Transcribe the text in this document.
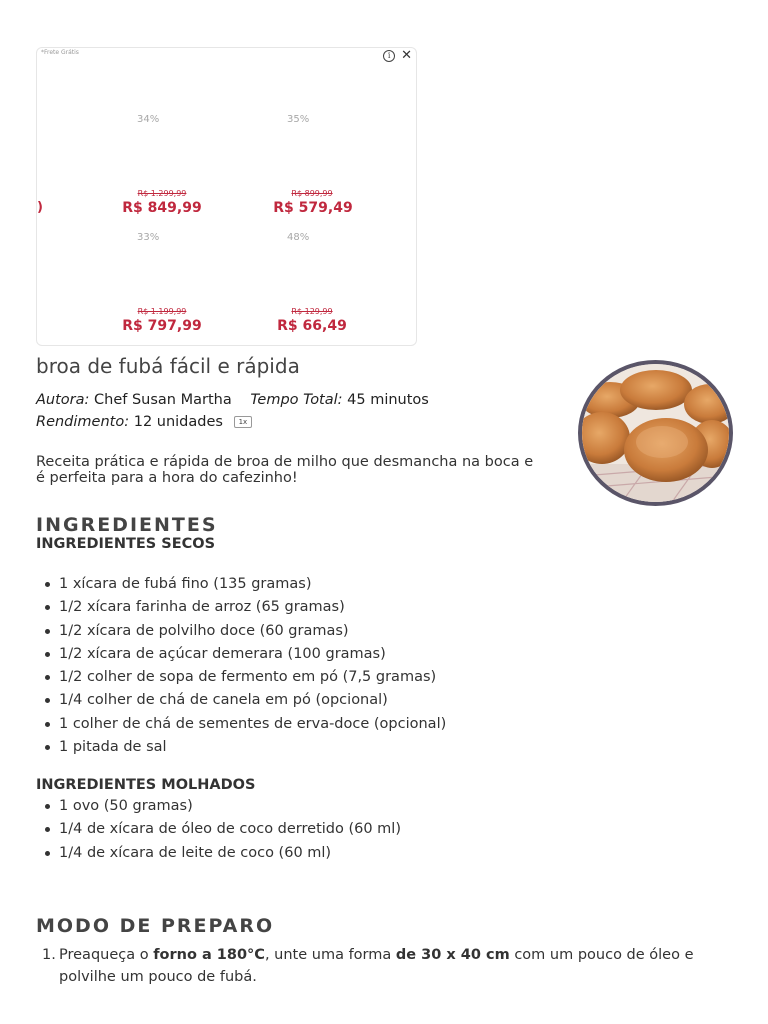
*Frete Grátis	i ✕
)
34%
R$ 1.299,99
R$ 849,99
35%
R$ 899,99
R$ 579,49
33%
R$ 1.199,99
R$ 797,99
48%
R$ 129,99
R$ 66,49
broa de fubá fácil e rápida
Autora: Chef Susan Martha Tempo Total: 45 minutos
Rendimento: 12 unidades 1x

Receita prática e rápida de broa de milho que desmancha na boca e é perfeita para a hora do cafezinho!

INGREDIENTES
INGREDIENTES SECOS
1 xícara de fubá fino (135 gramas)
1/2 xícara farinha de arroz (65 gramas)
1/2 xícara de polvilho doce (60 gramas)
1/2 xícara de açúcar demerara (100 gramas)
1/2 colher de sopa de fermento em pó (7,5 gramas)
1/4 colher de chá de canela em pó (opcional)
1 colher de chá de sementes de erva-doce (opcional)
1 pitada de sal
INGREDIENTES MOLHADOS
1 ovo (50 gramas)
1/4 de xícara de óleo de coco derretido (60 ml)
1/4 de xícara de leite de coco (60 ml)
MODO DE PREPARO
1. Preaqueça o forno a 180°C, unte uma forma de 30 x 40 cm com um pouco de óleo e polvilhe um pouco de fubá.
